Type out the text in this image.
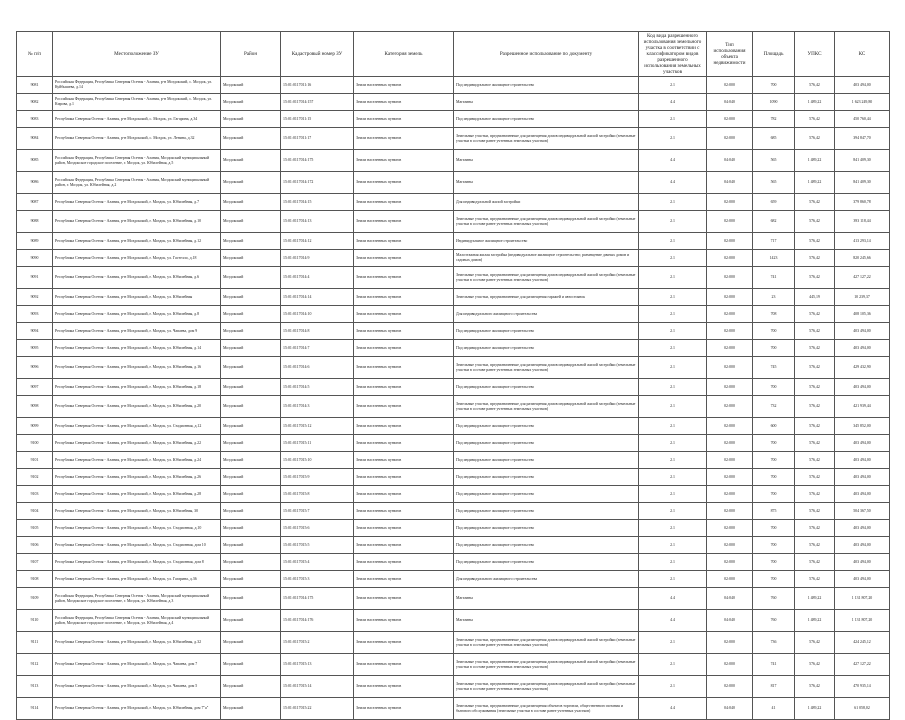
№ п/п	Местоположение ЗУ	Район	Кадастровый номер ЗУ	Категория земель	Разрешенное использование по документу	Код вида разрешенного использования земельного участка в соответствии с классификатором видов разрешенного использования земельных участков	Тип использования объекта недвижимости	Площадь	УПКС	КС
9081	Российская Федерация, Республика Северная Осетия - Алания, р-н Моздокский, с. Моздок, ул. Куйбышева, д.14	Моздокский	15:01:0117011:16	Земли населенных пунктов	Под индивидуальное жилищное строительство	2.1	02:000	700	576,42	403 494,00
9082	Российская Федерация, Республика Северная Осетия - Алания, р-н Моздокский, с. Моздок, ул. Кирова, д.1	Моздокский	15:01:0117014:157	Земли населенных пунктов	Магазины	4.4	04:040	1090	1 489,22	1 623 249,80
9083	Республика Северная Осетия - Алания, р-н Моздокский, с. Моздок, ул. Гагарина, д.34	Моздокский	15:01:0117011:15	Земли населенных пунктов	Под индивидуальное жилищное строительство	2.1	02:000	782	576,42	450 760,44
9084	Республика Северная Осетия - Алания, р-н Моздокский, с. Моздок, ул. Ленина, д.32	Моздокский	15:01:0117011:17	Земли населенных пунктов	Земельные участки, предназначенные для размещения домов индивидуальной жилой застройки (земельные участки в составе ранее учтенных земельных участков)	2.1	02:000	685	576,42	394 847,70
9085	Российская Федерация, Республика Северная Осетия - Алания, Моздокский муниципальный район, Моздокское городское поселение, г. Моздок, ул. Юбилейная, д.5	Моздокский	15:01:0117014:175	Земли населенных пунктов	Магазины	4.4	04:040	565	1 489,22	841 409,30
9086	Российская Федерация, Республика Северная Осетия - Алания, Моздокский муниципальный район, г. Моздок, ул. Юбилейная, д.2	Моздокский	15:01:0117014:172	Земли населенных пунктов	Магазины	4.4	04:040	565	1 489,22	841 409,30
9087	Республика Северная Осетия - Алания, р-н Моздокский, г. Моздок, ул. Юбилейная, д.7	Моздокский	15:01:0117014:15	Земли населенных пунктов	Для индивидуальной жилой застройки	2.1	02:000	659	576,42	379 860,78
9088	Республика Северная Осетия - Алания, р-н Моздокский, г. Моздок, ул. Юбилейная, д.10	Моздокский	15:01:0117014:13	Земли населенных пунктов	Земельные участки, предназначенные для размещения домов индивидуальной жилой застройки (земельные участки в составе ранее учтенных земельных участков)	2.1	02:000	682	576,42	393 118,44
9089	Республика Северная Осетия - Алания, р-н Моздокский, г. Моздок, ул. Юбилейная, д.12	Моздокский	15:01:0117014:12	Земли населенных пунктов	Индивидуальное жилищное строительство	2.1	02:000	717	576,42	413 293,14
9090	Республика Северная Осетия - Алания, р-н Моздокский, г. Моздок, ул. Гастелло, д.18	Моздокский	15:01:0117014:9	Земли населенных пунктов	Малоэтажная жилая застройка (индивидуальное жилищное строительство; размещение дачных домов и садовых домов)	2.1	02:000	1423	576,42	820 245,66
9091	Республика Северная Осетия - Алания, р-н Моздокский, г. Моздок, ул. Юбилейная, д.6	Моздокский	15:01:0117014:4	Земли населенных пунктов	Земельные участки, предназначенные для размещения домов индивидуальной жилой застройки (земельные участки в составе ранее учтенных земельных участков)	2.1	02:000	741	576,42	427 127,22
9092	Республика Северная Осетия - Алания, р-н Моздокский, г. Моздок, ул. Юбилейная	Моздокский	15:01:0117014:14	Земли населенных пунктов	Земельные участки, предназначенные для размещения гаражей и автостоянок	2.1	02:000	23	445,19	10 239,37
9093	Республика Северная Осетия - Алания, р-н Моздокский, г. Моздок, ул. Юбилейная, д.8	Моздокский	15:01:0117014:10	Земли населенных пунктов	Для индивидуального жилищного строительства	2.1	02:000	708	576,42	408 105,36
9094	Республика Северная Осетия - Алания, р-н Моздокский, г. Моздок, ул. Чапаева, дом 9	Моздокский	15:01:0117014:8	Земли населенных пунктов	Под индивидуальное жилищное строительство	2.1	02:000	700	576,42	403 494,00
9095	Республика Северная Осетия - Алания, р-н Моздокский, г. Моздок, ул. Юбилейная, д.14	Моздокский	15:01:0117014:7	Земли населенных пунктов	Под индивидуальное жилищное строительство	2.1	02:000	700	576,42	403 494,00
9096	Республика Северная Осетия - Алания, р-н Моздокский, г. Моздок, ул. Юбилейная, д.16	Моздокский	15:01:0117014:6	Земли населенных пунктов	Земельные участки, предназначенные для размещения домов индивидуальной жилой застройки (земельные участки в составе ранее учтенных земельных участков)	2.1	02:000	745	576,42	429 432,90
9097	Республика Северная Осетия - Алания, р-н Моздокский, г. Моздок, ул. Юбилейная, д.18	Моздокский	15:01:0117014:5	Земли населенных пунктов	Под индивидуальное жилищное строительство	2.1	02:000	700	576,42	403 494,00
9098	Республика Северная Осетия - Алания, р-н Моздокский, г. Моздок, ул. Юбилейная, д.20	Моздокский	15:01:0117014:3	Земли населенных пунктов	Земельные участки, предназначенные для размещения домов индивидуальной жилой застройки (земельные участки в составе ранее учтенных земельных участков)	2.1	02:000	732	576,42	421 939,44
9099	Республика Северная Осетия - Алания, р-н Моздокский, г. Моздок, ул. Стадионная, д.12	Моздокский	15:01:0117015:12	Земли населенных пунктов	Под индивидуальное жилищное строительство	2.1	02:000	600	576,42	345 852,00
9100	Республика Северная Осетия - Алания, р-н Моздокский, г. Моздок, ул. Юбилейная, д.22	Моздокский	15:01:0117015:11	Земли населенных пунктов	Под индивидуальное жилищное строительство	2.1	02:000	700	576,42	403 494,00
9101	Республика Северная Осетия - Алания, р-н Моздокский, г. Моздок, ул. Юбилейная, д.24	Моздокский	15:01:0117015:10	Земли населенных пунктов	Под индивидуальное жилищное строительство	2.1	02:000	700	576,42	403 494,00
9102	Республика Северная Осетия - Алания, р-н Моздокский, г. Моздок, ул. Юбилейная, д.26	Моздокский	15:01:0117015:9	Земли населенных пунктов	Под индивидуальное жилищное строительство	2.1	02:000	700	576,42	403 494,00
9103	Республика Северная Осетия - Алания, р-н Моздокский, г. Моздок, ул. Юбилейная, д.28	Моздокский	15:01:0117015:8	Земли населенных пунктов	Под индивидуальное жилищное строительство	2.1	02:000	700	576,42	403 494,00
9104	Республика Северная Осетия - Алания, р-н Моздокский, г. Моздок, ул. Юбилейная, 30	Моздокский	15:01:0117015:7	Земли населенных пунктов	Под индивидуальное жилищное строительство	2.1	02:000	875	576,42	504 367,50
9105	Республика Северная Осетия - Алания, р-н Моздокский, г. Моздок, ул. Стадионная, д.10	Моздокский	15:01:0117015:6	Земли населенных пунктов	Под индивидуальное жилищное строительство	2.1	02:000	700	576,42	403 494,00
9106	Республика Северная Осетия - Алания, р-н Моздокский, г. Моздок, ул. Стадионная, дом 10	Моздокский	15:01:0117015:5	Земли населенных пунктов	Под индивидуальное жилищное строительство	2.1	02:000	700	576,42	403 494,00
9107	Республика Северная Осетия - Алания, р-н Моздокский, г. Моздок, ул. Стадионная, дом 8	Моздокский	15:01:0117015:4	Земли населенных пунктов	Под индивидуальное жилищное строительство	2.1	02:000	700	576,42	403 494,00
9108	Республика Северная Осетия - Алания, р-н Моздокский, г. Моздок, ул. Гагарина, д.36	Моздокский	15:01:0117015:3	Земли населенных пунктов	Для индивидуального жилищного строительства	2.1	02:000	700	576,42	403 494,00
9109	Российская Федерация, Республика Северная Осетия - Алания, Моздокский муниципальный район, Моздокское городское поселение, г. Моздок, ул. Юбилейная, д.3	Моздокский	15:01:0117014:175	Земли населенных пунктов	Магазины	4.4	04:040	760	1 489,22	1 131 807,20
9110	Российская Федерация, Республика Северная Осетия - Алания, Моздокский муниципальный район, Моздокское городское поселение, г. Моздок, ул. Юбилейная, д.4	Моздокский	15:01:0117014:176	Земли населенных пунктов	Магазины	4.4	04:040	760	1 489,22	1 131 807,20
9111	Республика Северная Осетия - Алания, р-н Моздокский, г. Моздок, ул. Юбилейная, д.32	Моздокский	15:01:0117015:2	Земли населенных пунктов	Земельные участки, предназначенные для размещения домов индивидуальной жилой застройки (земельные участки в составе ранее учтенных земельных участков)	2.1	02:000	736	576,42	424 245,12
9112	Республика Северная Осетия - Алания, р-н Моздокский, г. Моздок, ул. Чапаева, дом 7	Моздокский	15:01:0117015:13	Земли населенных пунктов	Земельные участки, предназначенные для размещения домов индивидуальной жилой застройки (земельные участки в составе ранее учтенных земельных участков)	2.1	02:000	741	576,42	427 127,22
9113	Республика Северная Осетия - Алания, р-н Моздокский, г. Моздок, ул. Чапаева, дом 5	Моздокский	15:01:0117015:14	Земли населенных пунктов	Земельные участки, предназначенные для размещения домов индивидуальной жилой застройки (земельные участки в составе ранее учтенных земельных участков)	2.1	02:000	817	576,42	470 935,14
9114	Республика Северная Осетия - Алания, р-н Моздокский, г. Моздок, ул. Юбилейная, дом 7"а"	Моздокский	15:01:0117015:22	Земли населенных пунктов	Земельные участки, предназначенные для размещения объектов торговли, общественного питания и бытового обслуживания (земельные участки в составе ранее учтенных участков)	4.4	04:040	41	1 489,22	61 058,02
